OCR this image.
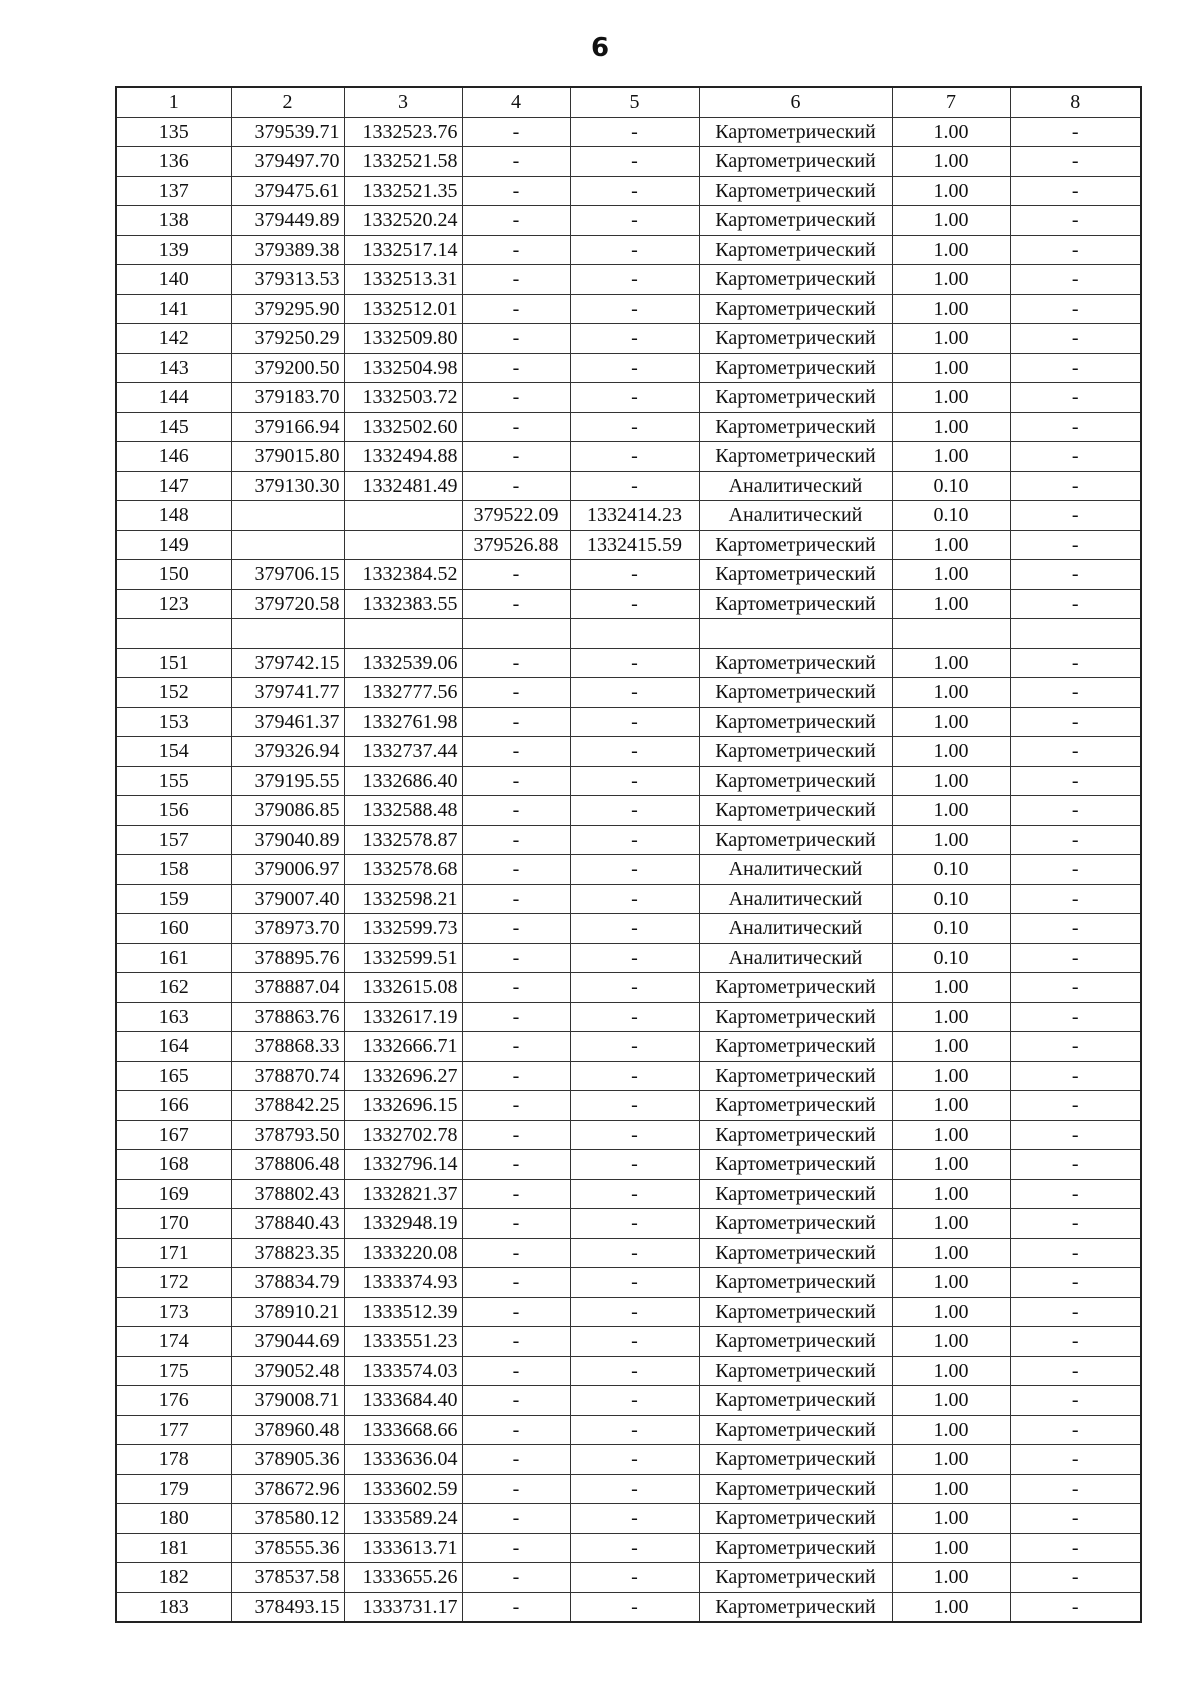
6
1	2	3	4	5	6	7	8
135	379539.71	1332523.76	-	-	Картометрический	1.00	-
136	379497.70	1332521.58	-	-	Картометрический	1.00	-
137	379475.61	1332521.35	-	-	Картометрический	1.00	-
138	379449.89	1332520.24	-	-	Картометрический	1.00	-
139	379389.38	1332517.14	-	-	Картометрический	1.00	-
140	379313.53	1332513.31	-	-	Картометрический	1.00	-
141	379295.90	1332512.01	-	-	Картометрический	1.00	-
142	379250.29	1332509.80	-	-	Картометрический	1.00	-
143	379200.50	1332504.98	-	-	Картометрический	1.00	-
144	379183.70	1332503.72	-	-	Картометрический	1.00	-
145	379166.94	1332502.60	-	-	Картометрический	1.00	-
146	379015.80	1332494.88	-	-	Картометрический	1.00	-
147	379130.30	1332481.49	-	-	Аналитический	0.10	-
148			379522.09	1332414.23	Аналитический	0.10	-
149			379526.88	1332415.59	Картометрический	1.00	-
150	379706.15	1332384.52	-	-	Картометрический	1.00	-
123	379720.58	1332383.55	-	-	Картометрический	1.00	-

151	379742.15	1332539.06	-	-	Картометрический	1.00	-
152	379741.77	1332777.56	-	-	Картометрический	1.00	-
153	379461.37	1332761.98	-	-	Картометрический	1.00	-
154	379326.94	1332737.44	-	-	Картометрический	1.00	-
155	379195.55	1332686.40	-	-	Картометрический	1.00	-
156	379086.85	1332588.48	-	-	Картометрический	1.00	-
157	379040.89	1332578.87	-	-	Картометрический	1.00	-
158	379006.97	1332578.68	-	-	Аналитический	0.10	-
159	379007.40	1332598.21	-	-	Аналитический	0.10	-
160	378973.70	1332599.73	-	-	Аналитический	0.10	-
161	378895.76	1332599.51	-	-	Аналитический	0.10	-
162	378887.04	1332615.08	-	-	Картометрический	1.00	-
163	378863.76	1332617.19	-	-	Картометрический	1.00	-
164	378868.33	1332666.71	-	-	Картометрический	1.00	-
165	378870.74	1332696.27	-	-	Картометрический	1.00	-
166	378842.25	1332696.15	-	-	Картометрический	1.00	-
167	378793.50	1332702.78	-	-	Картометрический	1.00	-
168	378806.48	1332796.14	-	-	Картометрический	1.00	-
169	378802.43	1332821.37	-	-	Картометрический	1.00	-
170	378840.43	1332948.19	-	-	Картометрический	1.00	-
171	378823.35	1333220.08	-	-	Картометрический	1.00	-
172	378834.79	1333374.93	-	-	Картометрический	1.00	-
173	378910.21	1333512.39	-	-	Картометрический	1.00	-
174	379044.69	1333551.23	-	-	Картометрический	1.00	-
175	379052.48	1333574.03	-	-	Картометрический	1.00	-
176	379008.71	1333684.40	-	-	Картометрический	1.00	-
177	378960.48	1333668.66	-	-	Картометрический	1.00	-
178	378905.36	1333636.04	-	-	Картометрический	1.00	-
179	378672.96	1333602.59	-	-	Картометрический	1.00	-
180	378580.12	1333589.24	-	-	Картометрический	1.00	-
181	378555.36	1333613.71	-	-	Картометрический	1.00	-
182	378537.58	1333655.26	-	-	Картометрический	1.00	-
183	378493.15	1333731.17	-	-	Картометрический	1.00	-
